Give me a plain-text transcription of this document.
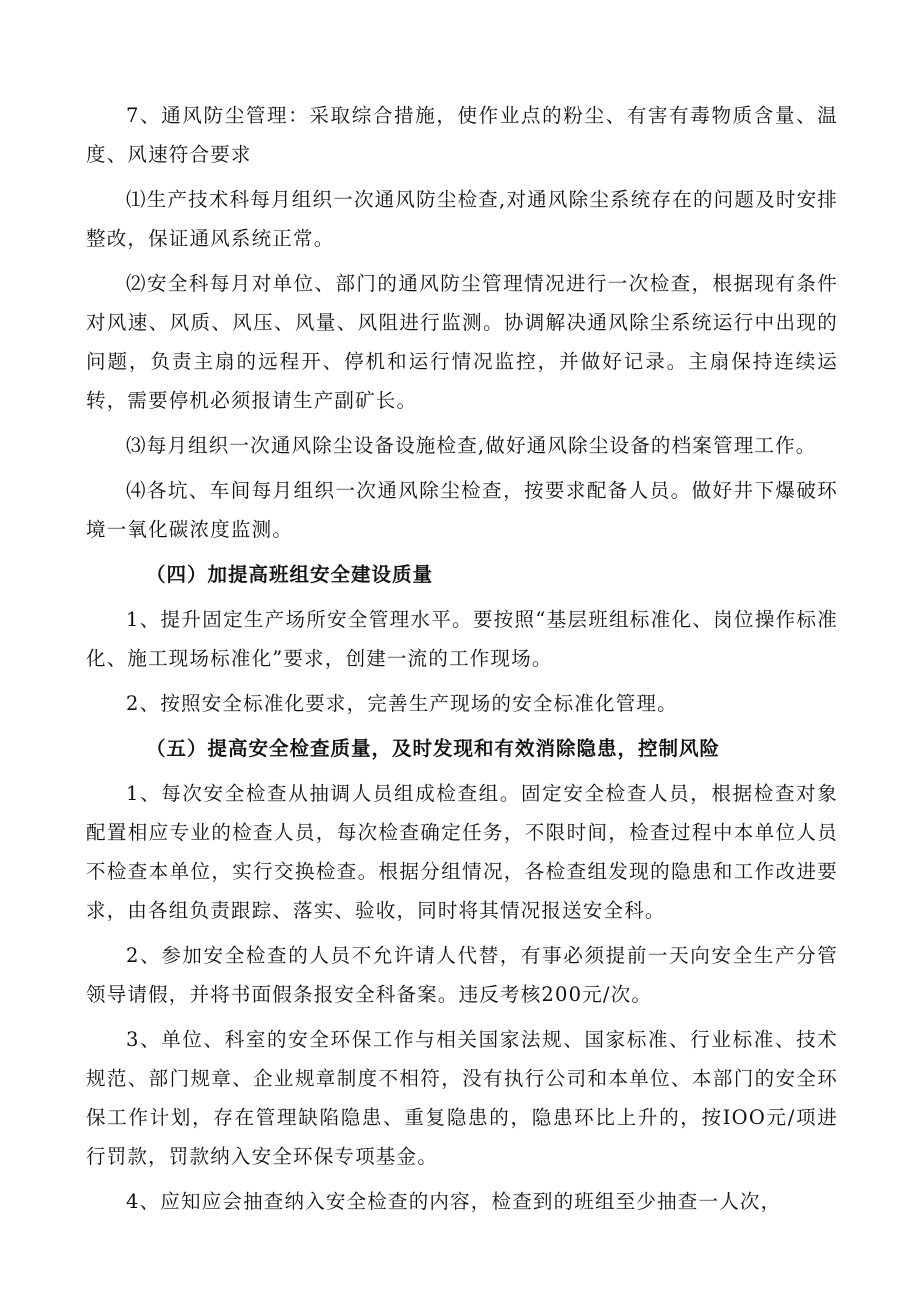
7、通风防尘管理：采取综合措施，使作业点的粉尘、有害有毒物质含量、温度、风速符合要求

⑴生产技术科每月组织一次通风防尘检查,对通风除尘系统存在的问题及时安排整改，保证通风系统正常。

⑵安全科每月对单位、部门的通风防尘管理情况进行一次检查，根据现有条件对风速、风质、风压、风量、风阻进行监测。协调解决通风除尘系统运行中出现的问题，负责主扇的远程开、停机和运行情况监控，并做好记录。主扇保持连续运转，需要停机必须报请生产副矿长。

⑶每月组织一次通风除尘设备设施检查,做好通风除尘设备的档案管理工作。

⑷各坑、车间每月组织一次通风除尘检查，按要求配备人员。做好井下爆破环境一氧化碳浓度监测。

（四）加提高班组安全建设质量

1、提升固定生产场所安全管理水平。要按照“基层班组标准化、岗位操作标准化、施工现场标准化”要求，创建一流的工作现场。

2、按照安全标准化要求，完善生产现场的安全标准化管理。

（五）提高安全检查质量，及时发现和有效消除隐患，控制风险

1、每次安全检查从抽调人员组成检查组。固定安全检查人员，根据检查对象配置相应专业的检查人员，每次检查确定任务，不限时间，检查过程中本单位人员不检查本单位，实行交换检查。根据分组情况，各检查组发现的隐患和工作改进要求，由各组负责跟踪、落实、验收，同时将其情况报送安全科。

2、参加安全检查的人员不允许请人代替，有事必须提前一天向安全生产分管领导请假，并将书面假条报安全科备案。违反考核200元/次。

3、单位、科室的安全环保工作与相关国家法规、国家标准、行业标准、技术规范、部门规章、企业规章制度不相符，没有执行公司和本单位、本部门的安全环保工作计划，存在管理缺陷隐患、重复隐患的，隐患环比上升的，按IOO元/项进行罚款，罚款纳入安全环保专项基金。

4、应知应会抽查纳入安全检查的内容，检查到的班组至少抽查一人次，
